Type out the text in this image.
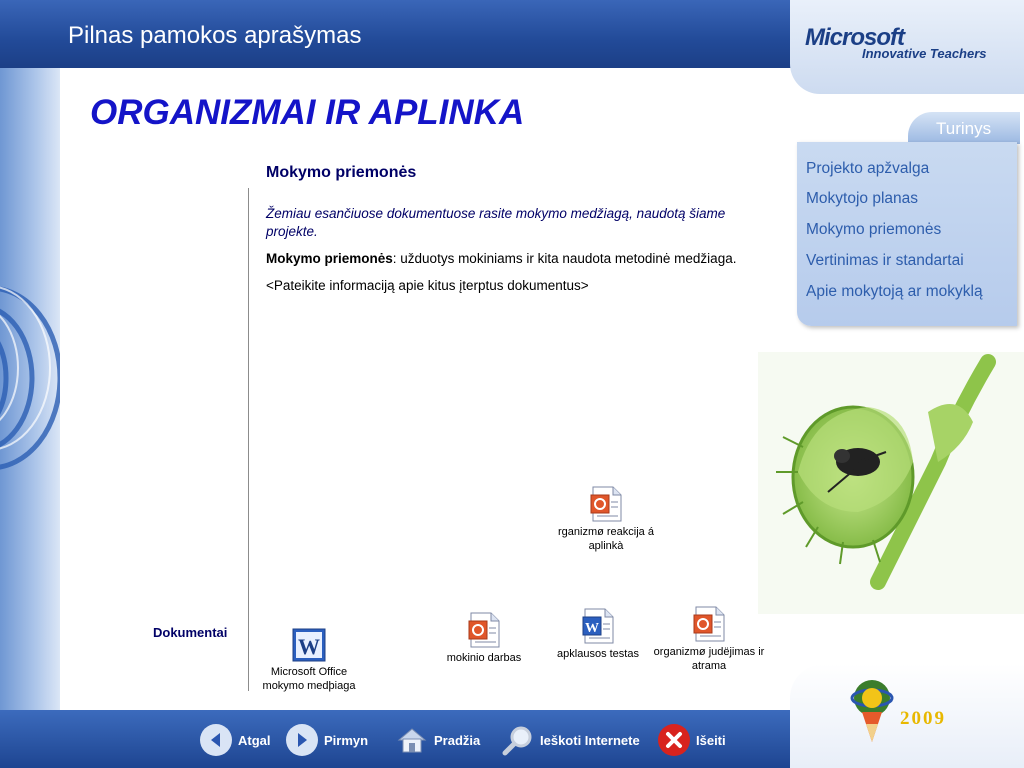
Pilnas pamokos aprašymas	Microsoft
Innovative Teachers
ORGANIZMAI IR APLINKA
Mokymo priemonės

Žemiau esančiuose dokumentuose rasite mokymo medžiagą, naudotą šiame projekte.

Mokymo priemonės: užduotys mokiniams ir kita naudota metodinė medžiaga.

<Pateikite informaciją apie kitus įterptus dokumentus>

Dokumentai
W
Microsoft Office mokymo medþiaga
mokinio darbas
W
apklausos testas	organizmø judëjimas ir atrama
rganizmø reakcija á aplinkà
Turinys
Projekto apžvalga
Mokytojo planas
Mokymo priemonės
Vertinimas ir standartai
Apie mokytoją ar mokyklą
2009
Atgal	Pirmyn	Pradžia	Ieškoti Internete	Išeiti
